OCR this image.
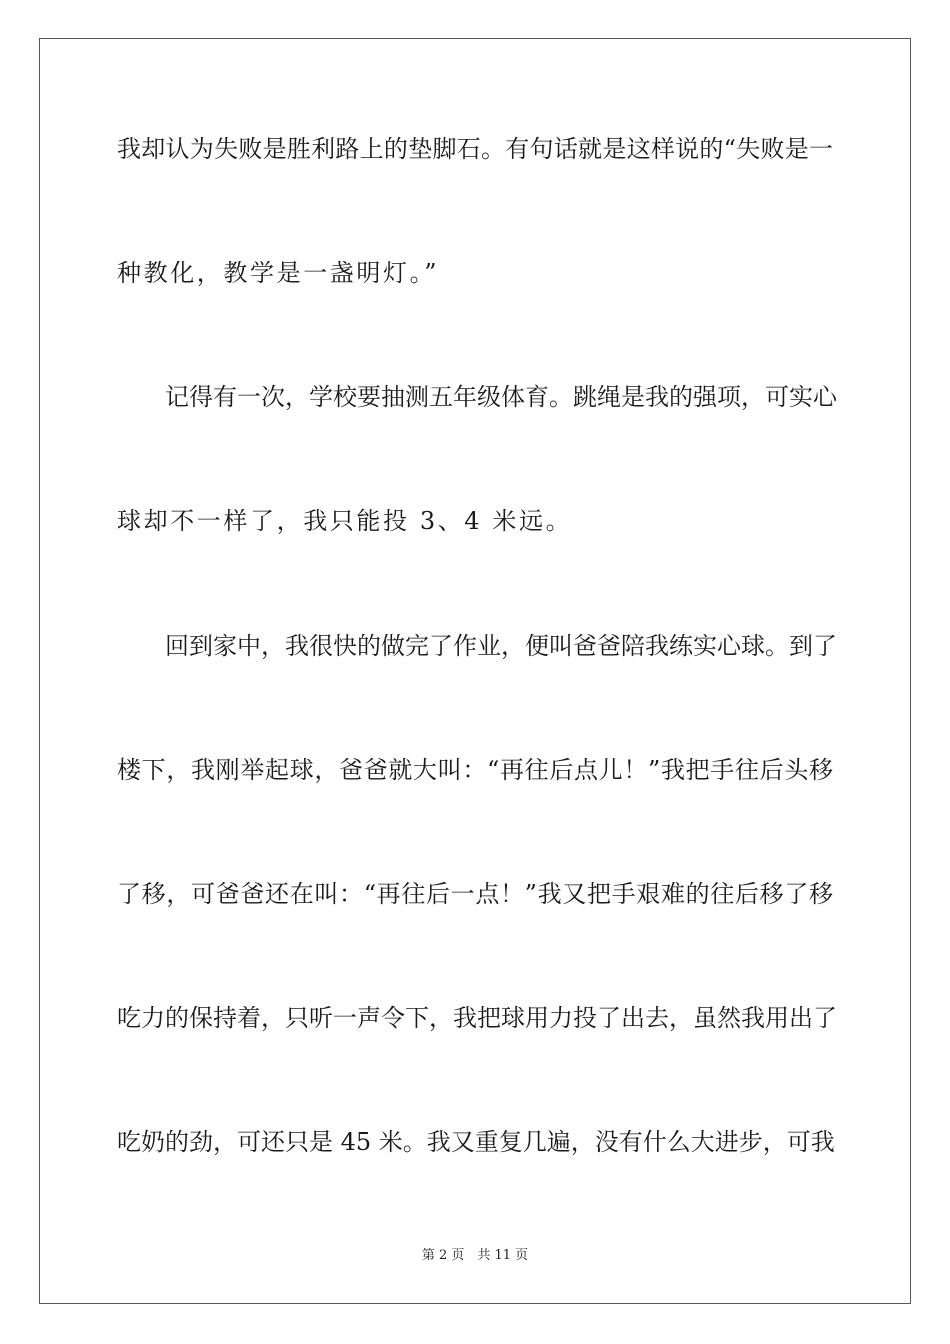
我却认为失败是胜利路上的垫脚石。有句话就是这样说的“失败是一
种教化，教学是一盏明灯。”
　　记得有一次，学校要抽测五年级体育。跳绳是我的强项，可实心
球却不一样了，我只能投 3、4 米远。
　　回到家中，我很快的做完了作业，便叫爸爸陪我练实心球。到了
楼下，我刚举起球，爸爸就大叫：“再往后点儿！”我把手往后头移
了移，可爸爸还在叫：“再往后一点！”我又把手艰难的往后移了移
吃力的保持着，只听一声令下，我把球用力投了出去，虽然我用出了
吃奶的劲，可还只是 45 米。我又重复几遍，没有什么大进步，可我
第 2 页　共 11 页
